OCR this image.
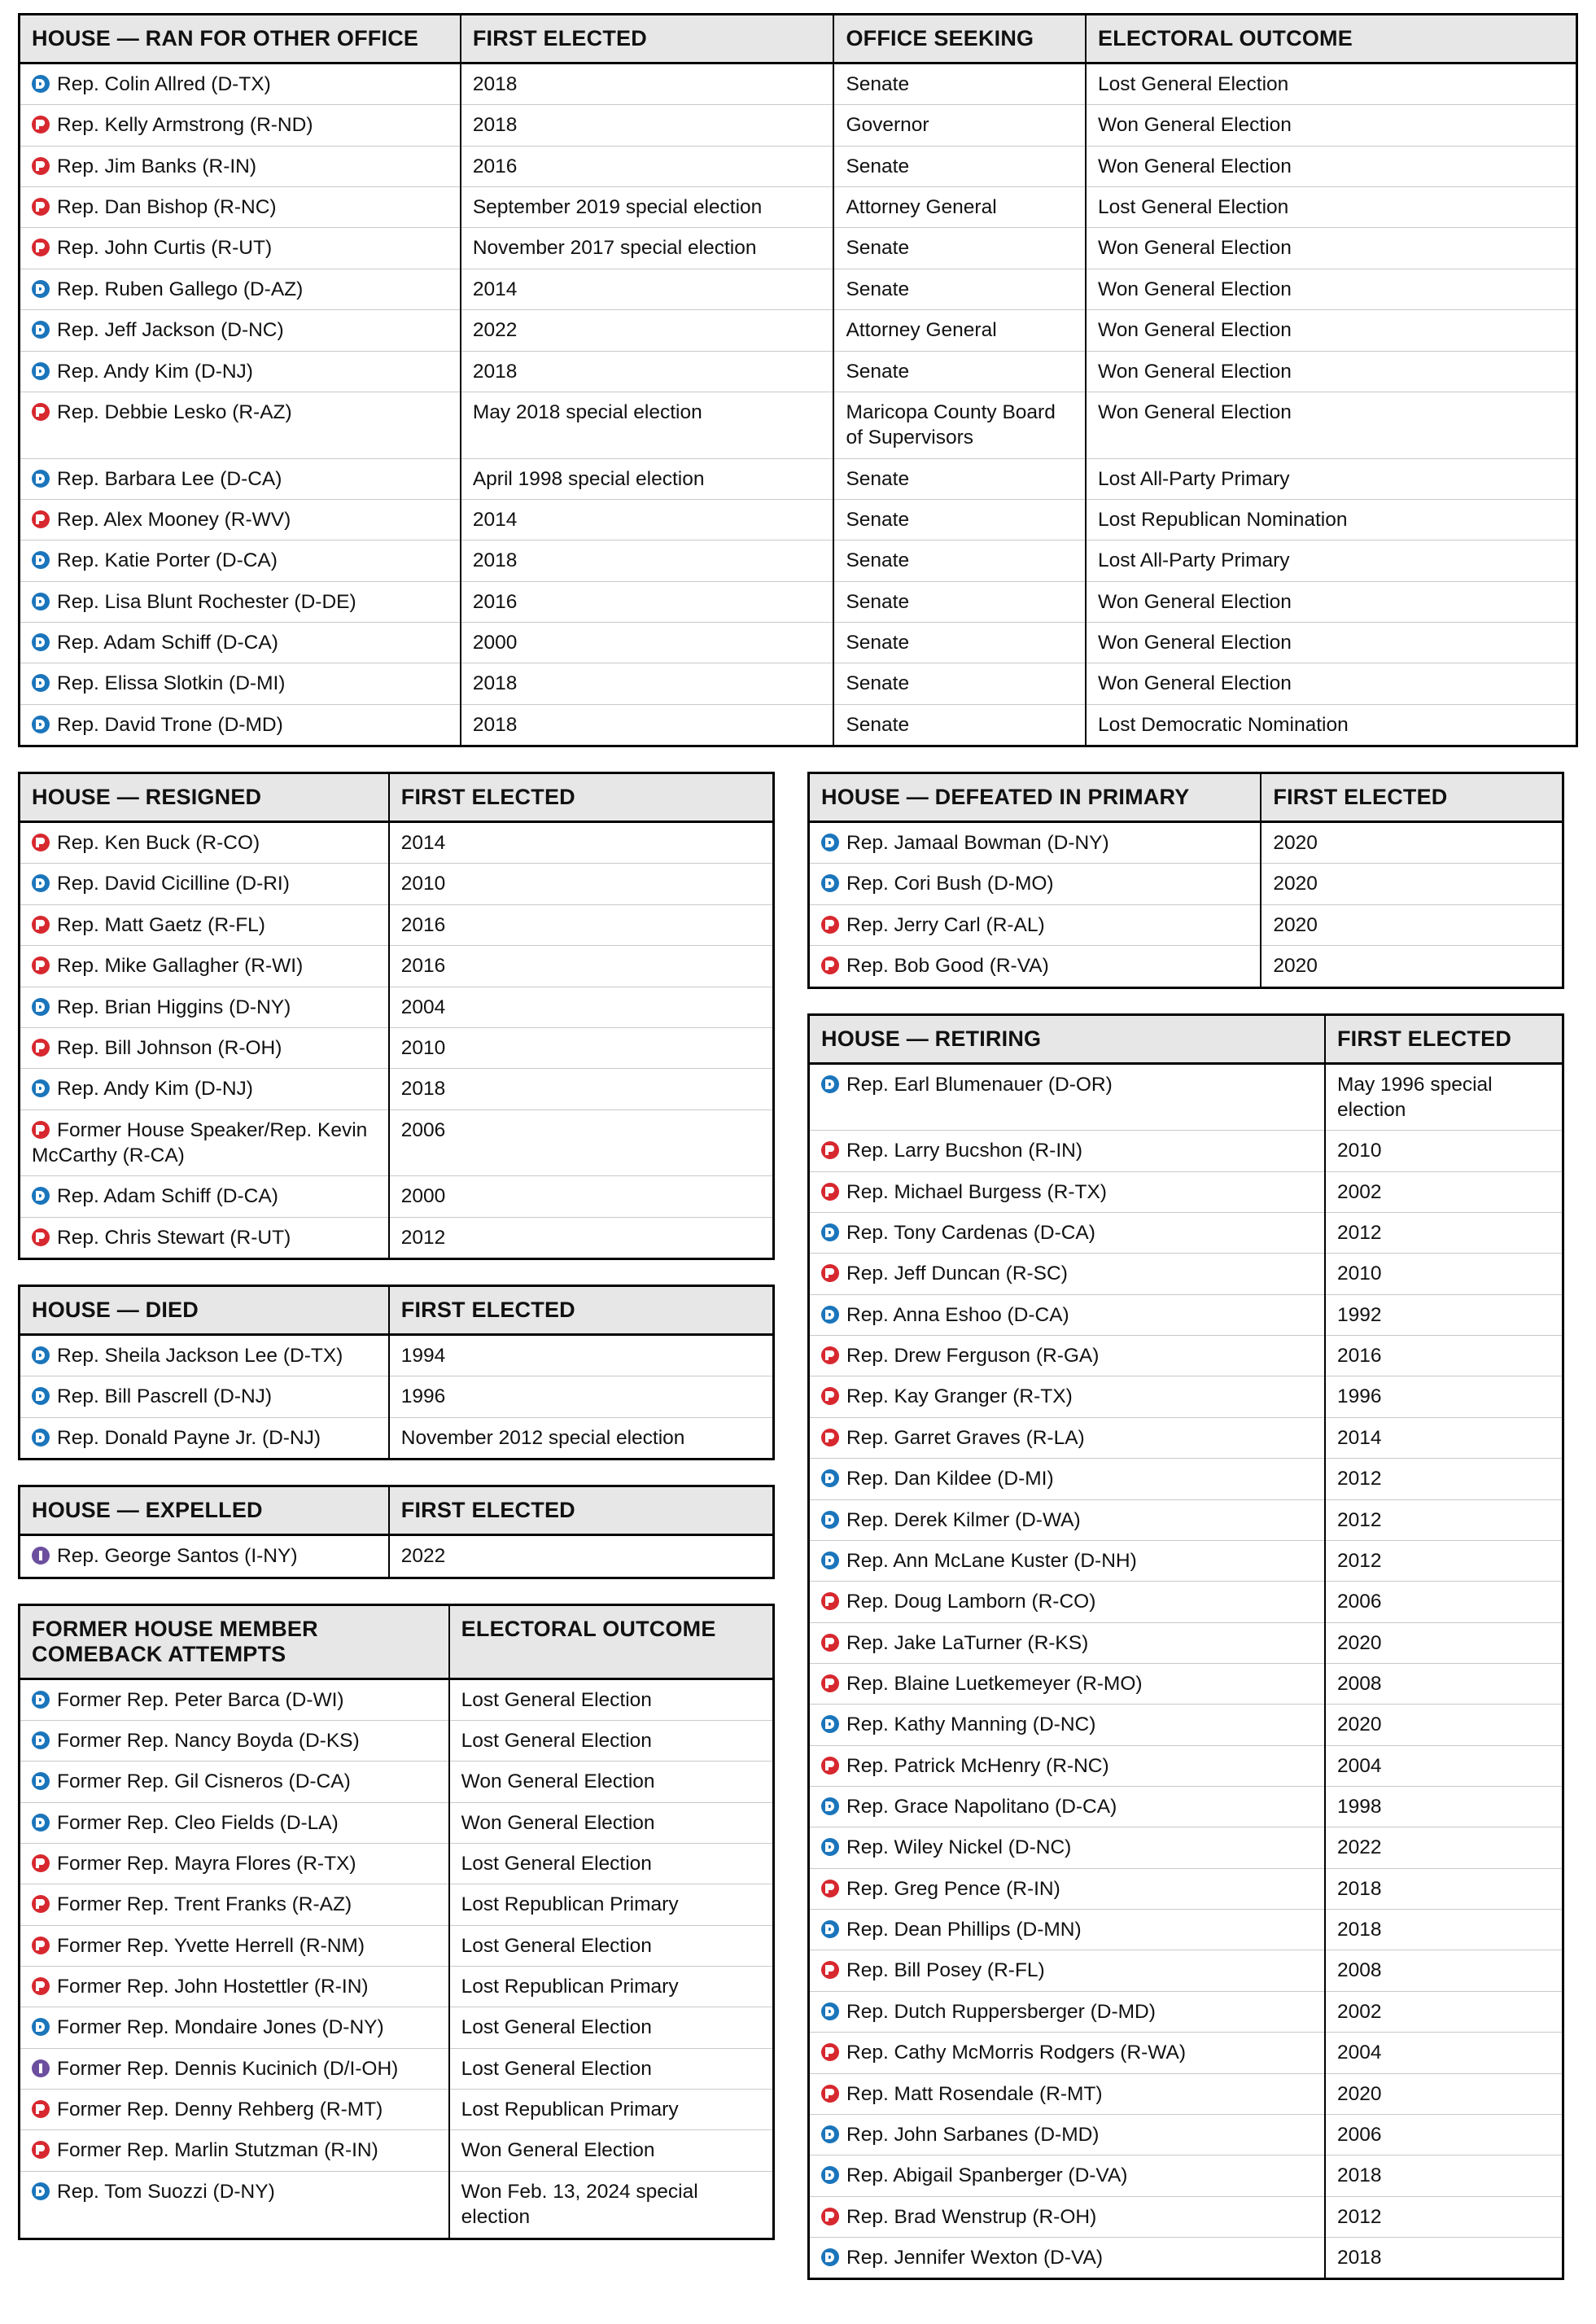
HOUSE — RAN FOR OTHER OFFICE	FIRST ELECTED	OFFICE SEEKING	ELECTORAL OUTCOME
Rep. Colin Allred (D-TX)	2018	Senate	Lost General Election
Rep. Kelly Armstrong (R-ND)	2018	Governor	Won General Election
Rep. Jim Banks (R-IN)	2016	Senate	Won General Election
Rep. Dan Bishop (R-NC)	September 2019 special election	Attorney General	Lost General Election
Rep. John Curtis (R-UT)	November 2017 special election	Senate	Won General Election
Rep. Ruben Gallego (D-AZ)	2014	Senate	Won General Election
Rep. Jeff Jackson (D-NC)	2022	Attorney General	Won General Election
Rep. Andy Kim (D-NJ)	2018	Senate	Won General Election
Rep. Debbie Lesko (R-AZ)	May 2018 special election	Maricopa County Board of Supervisors	Won General Election
Rep. Barbara Lee (D-CA)	April 1998 special election	Senate	Lost All-Party Primary
Rep. Alex Mooney (R-WV)	2014	Senate	Lost Republican Nomination
Rep. Katie Porter (D-CA)	2018	Senate	Lost All-Party Primary
Rep. Lisa Blunt Rochester (D-DE)	2016	Senate	Won General Election
Rep. Adam Schiff (D-CA)	2000	Senate	Won General Election
Rep. Elissa Slotkin (D-MI)	2018	Senate	Won General Election
Rep. David Trone (D-MD)	2018	Senate	Lost Democratic Nomination
HOUSE — RESIGNED	FIRST ELECTED
Rep. Ken Buck (R-CO)	2014
Rep. David Cicilline (D-RI)	2010
Rep. Matt Gaetz (R-FL)	2016
Rep. Mike Gallagher (R-WI)	2016
Rep. Brian Higgins (D-NY)	2004
Rep. Bill Johnson (R-OH)	2010
Rep. Andy Kim (D-NJ)	2018
Former House Speaker/Rep. Kevin McCarthy (R-CA)	2006
Rep. Adam Schiff (D-CA)	2000
Rep. Chris Stewart (R-UT)	2012
HOUSE — DIED	FIRST ELECTED
Rep. Sheila Jackson Lee (D-TX)	1994
Rep. Bill Pascrell (D-NJ)	1996
Rep. Donald Payne Jr. (D-NJ)	November 2012 special election
HOUSE — EXPELLED	FIRST ELECTED
Rep. George Santos (I-NY)	2022
FORMER HOUSE MEMBER COMEBACK ATTEMPTS	ELECTORAL OUTCOME
Former Rep. Peter Barca (D-WI)	Lost General Election
Former Rep. Nancy Boyda (D-KS)	Lost General Election
Former Rep. Gil Cisneros (D-CA)	Won General Election
Former Rep. Cleo Fields (D-LA)	Won General Election
Former Rep. Mayra Flores (R-TX)	Lost General Election
Former Rep. Trent Franks (R-AZ)	Lost Republican Primary
Former Rep. Yvette Herrell (R-NM)	Lost General Election
Former Rep. John Hostettler (R-IN)	Lost Republican Primary
Former Rep. Mondaire Jones (D-NY)	Lost General Election
Former Rep. Dennis Kucinich (D/I-OH)	Lost General Election
Former Rep. Denny Rehberg (R-MT)	Lost Republican Primary
Former Rep. Marlin Stutzman (R-IN)	Won General Election
Rep. Tom Suozzi (D-NY)	Won Feb. 13, 2024 special election
HOUSE — DEFEATED IN PRIMARY	FIRST ELECTED
Rep. Jamaal Bowman (D-NY)	2020
Rep. Cori Bush (D-MO)	2020
Rep. Jerry Carl (R-AL)	2020
Rep. Bob Good (R-VA)	2020
HOUSE — RETIRING	FIRST ELECTED
Rep. Earl Blumenauer (D-OR)	May 1996 special election
Rep. Larry Bucshon (R-IN)	2010
Rep. Michael Burgess (R-TX)	2002
Rep. Tony Cardenas (D-CA)	2012
Rep. Jeff Duncan (R-SC)	2010
Rep. Anna Eshoo (D-CA)	1992
Rep. Drew Ferguson (R-GA)	2016
Rep. Kay Granger (R-TX)	1996
Rep. Garret Graves (R-LA)	2014
Rep. Dan Kildee (D-MI)	2012
Rep. Derek Kilmer (D-WA)	2012
Rep. Ann McLane Kuster (D-NH)	2012
Rep. Doug Lamborn (R-CO)	2006
Rep. Jake LaTurner (R-KS)	2020
Rep. Blaine Luetkemeyer (R-MO)	2008
Rep. Kathy Manning (D-NC)	2020
Rep. Patrick McHenry (R-NC)	2004
Rep. Grace Napolitano (D-CA)	1998
Rep. Wiley Nickel (D-NC)	2022
Rep. Greg Pence (R-IN)	2018
Rep. Dean Phillips (D-MN)	2018
Rep. Bill Posey (R-FL)	2008
Rep. Dutch Ruppersberger (D-MD)	2002
Rep. Cathy McMorris Rodgers (R-WA)	2004
Rep. Matt Rosendale (R-MT)	2020
Rep. John Sarbanes (D-MD)	2006
Rep. Abigail Spanberger (D-VA)	2018
Rep. Brad Wenstrup (R-OH)	2012
Rep. Jennifer Wexton (D-VA)	2018
